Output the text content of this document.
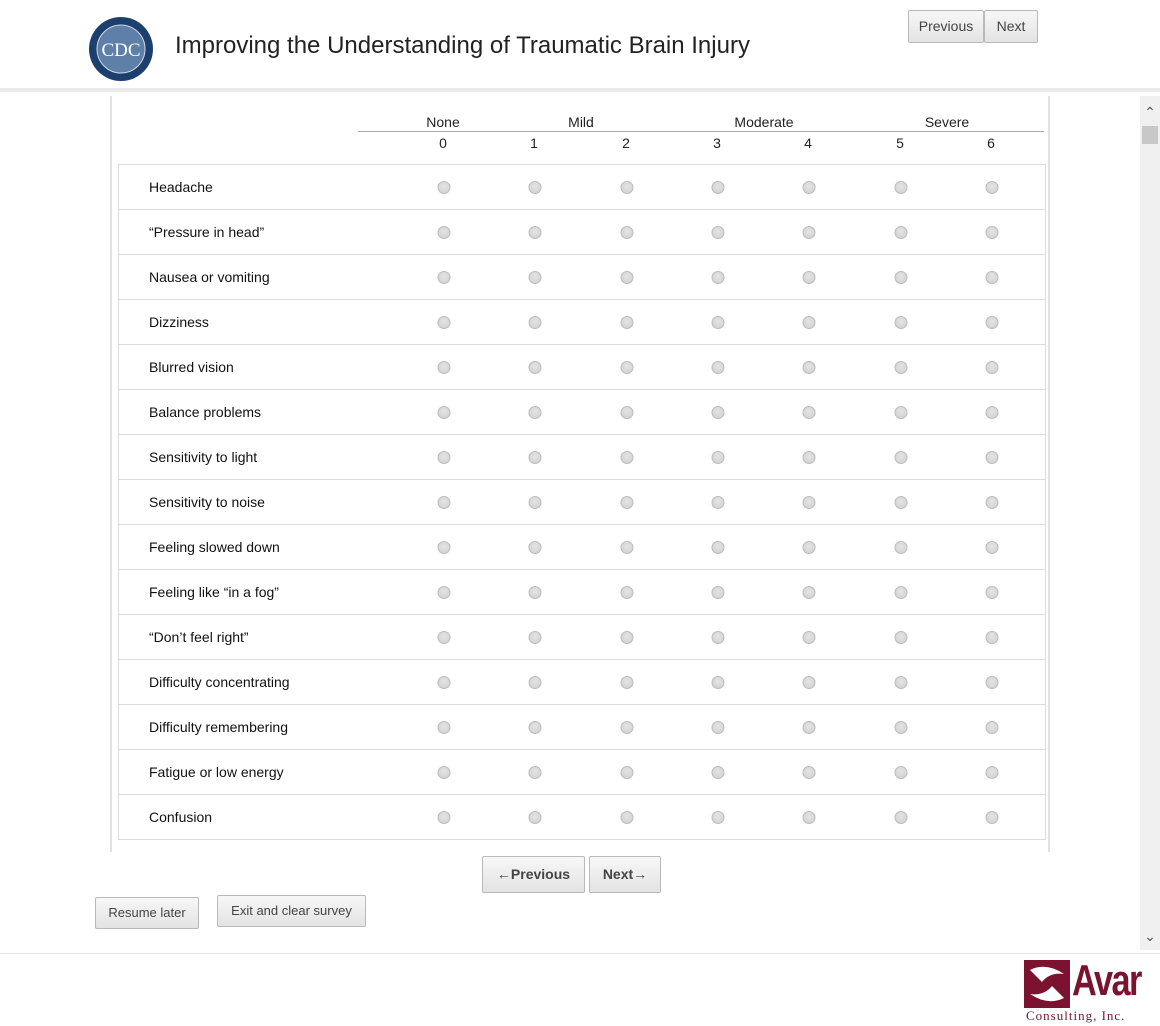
CDC Improving the Understanding of Traumatic Brain Injury
Previous	Next
⌃
⌄
None	Mild	Moderate	Severe
0	1	2	3	4	5	6
Headache
“Pressure in head”
Nausea or vomiting
Dizziness
Blurred vision
Balance problems
Sensitivity to light
Sensitivity to noise
Feeling slowed down
Feeling like “in a fog”
“Don’t feel right”
Difficulty concentrating
Difficulty remembering
Fatigue or low energy
Confusion
←Previous	Next→
Resume later	Exit and clear survey
Avar
Consulting, Inc.
